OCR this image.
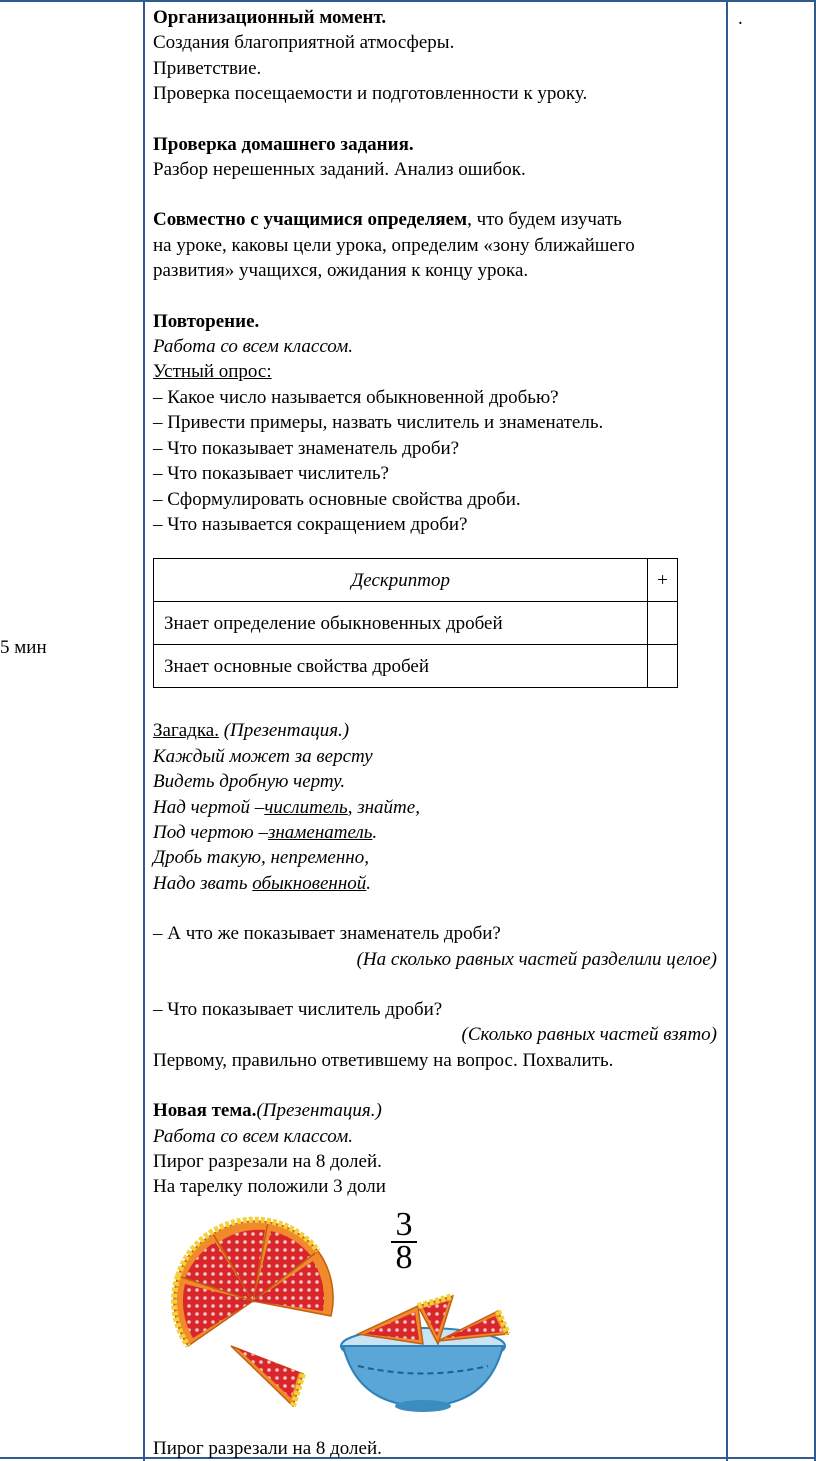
5 мин
.

Организационный момент.

Создания благоприятной атмосферы.

Приветствие.

Проверка посещаемости и подготовленности к уроку.

Проверка домашнего задания.

Разбор нерешенных заданий. Анализ ошибок.

Совместно с учащимися определяем, что будем изучать

на уроке, каковы цели урока, определим «зону ближайшего

развития» учащихся, ожидания к концу урока.

Повторение.

Работа со всем классом.

Устный опрос:

– Какое число называется обыкновенной дробью?

– Привести примеры, назвать числитель и знаменатель.

– Что показывает знаменатель дроби?

– Что показывает числитель?

– Сформулировать основные свойства дроби.

– Что называется сокращением дроби?

Дескриптор	+
Знает определение обыкновенных дробей	
Знает основные свойства дробей	

Загадка. (Презентация.)

Каждый может за версту

Видеть дробную черту.

Над чертой –числитель, знайте,

Под чертою –знаменатель.

Дробь такую, непременно,

Надо звать обыкновенной.

– А что же показывает знаменатель дроби?

(На сколько равных частей разделили целое)

– Что показывает числитель дроби?

(Сколько равных частей взято)

Первому, правильно ответившему на вопрос. Похвалить.

Новая тема.(Презентация.)

Работа со всем классом.

Пирог разрезали на 8 долей.

На тарелку положили 3 доли

3
8

Пирог разрезали на 8 долей.
